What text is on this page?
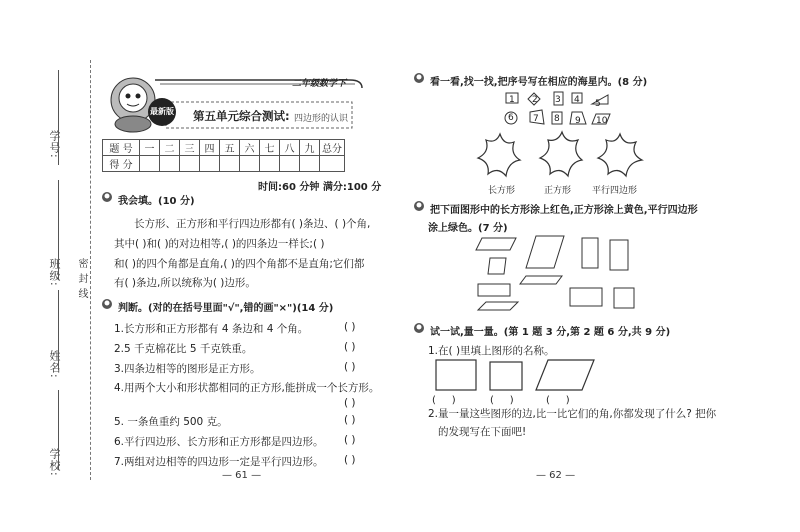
学号:
班级:
姓名:
学校:
密 封 线
二年级数学下
最新版 第五单元综合测试: 四边形的认识
题 号	一	二	三	四	五	六	七	八	九	总分
得 分										
时间:60 分钟 满分:100 分
我会填。(10 分)
长方形、正方形和平行四边形都有( )条边、( )个角,
其中( )和( )的对边相等,( )的四条边一样长;( )
和( )的四个角都是直角,( )的四个角都不是直角;它们都
有( )条边,所以统称为( )边形。
判断。(对的在括号里面"√",错的画"×")(14 分)
1.长方形和正方形都有 4 条边和 4 个角。	( )
2.5 千克棉花比 5 千克铁重。	( )
3.四条边相等的图形是正方形。	( )
4.用两个大小和形状都相同的正方形,能拼成一个长方形。
( )
5. 一条鱼重约 500 克。	( )
6.平行四边形、长方形和正方形都是四边形。 ( )
7.两组对边相等的四边形一定是平行四边形。 ( )
— 61 —
看一看,找一找,把序号写在相应的海星内。(8 分)
1 2 3 4 5
6 7 8 9 10
长方形	正方形 平行四边形
把下面图形中的长方形涂上红色,正方形涂上黄色,平行四边形
涂上绿色。(7 分)
试一试,量一量。(第 1 题 3 分,第 2 题 6 分,共 9 分)
1.在( )里填上图形的名称。
(     )	(     )	(     )
2.量一量这些图形的边,比一比它们的角,你都发现了什么? 把你
的发现写在下面吧!
— 62 —
